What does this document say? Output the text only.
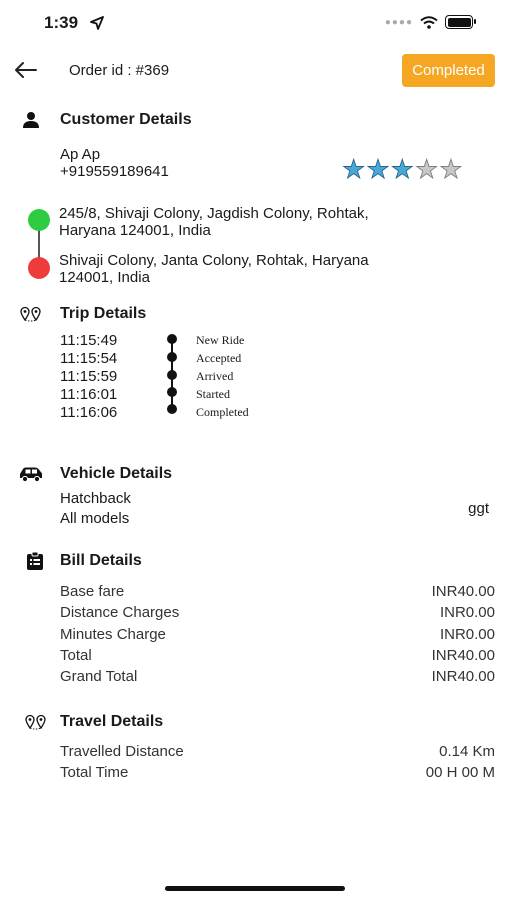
1:39	●●●●
Order id : #369	Completed
Customer Details
Ap Ap
+919559189641	★ ★ ★ ★ ★
245/8, Shivaji Colony, Jagdish Colony, Rohtak,
Haryana 124001, India
Shivaji Colony, Janta Colony, Rohtak, Haryana
124001, India
Trip Details
11:15:49	New Ride
11:15:54	Accepted
11:15:59	Arrived
11:16:01	Started
11:16:06	Completed
Vehicle Details
Hatchback
All models
ggt
Bill Details
Base fare	INR40.00
Distance Charges	INR0.00
Minutes Charge	INR0.00
Total	INR40.00
Grand Total	INR40.00
Travel Details
Travelled Distance	0.14 Km
Total Time	00 H 00 M
